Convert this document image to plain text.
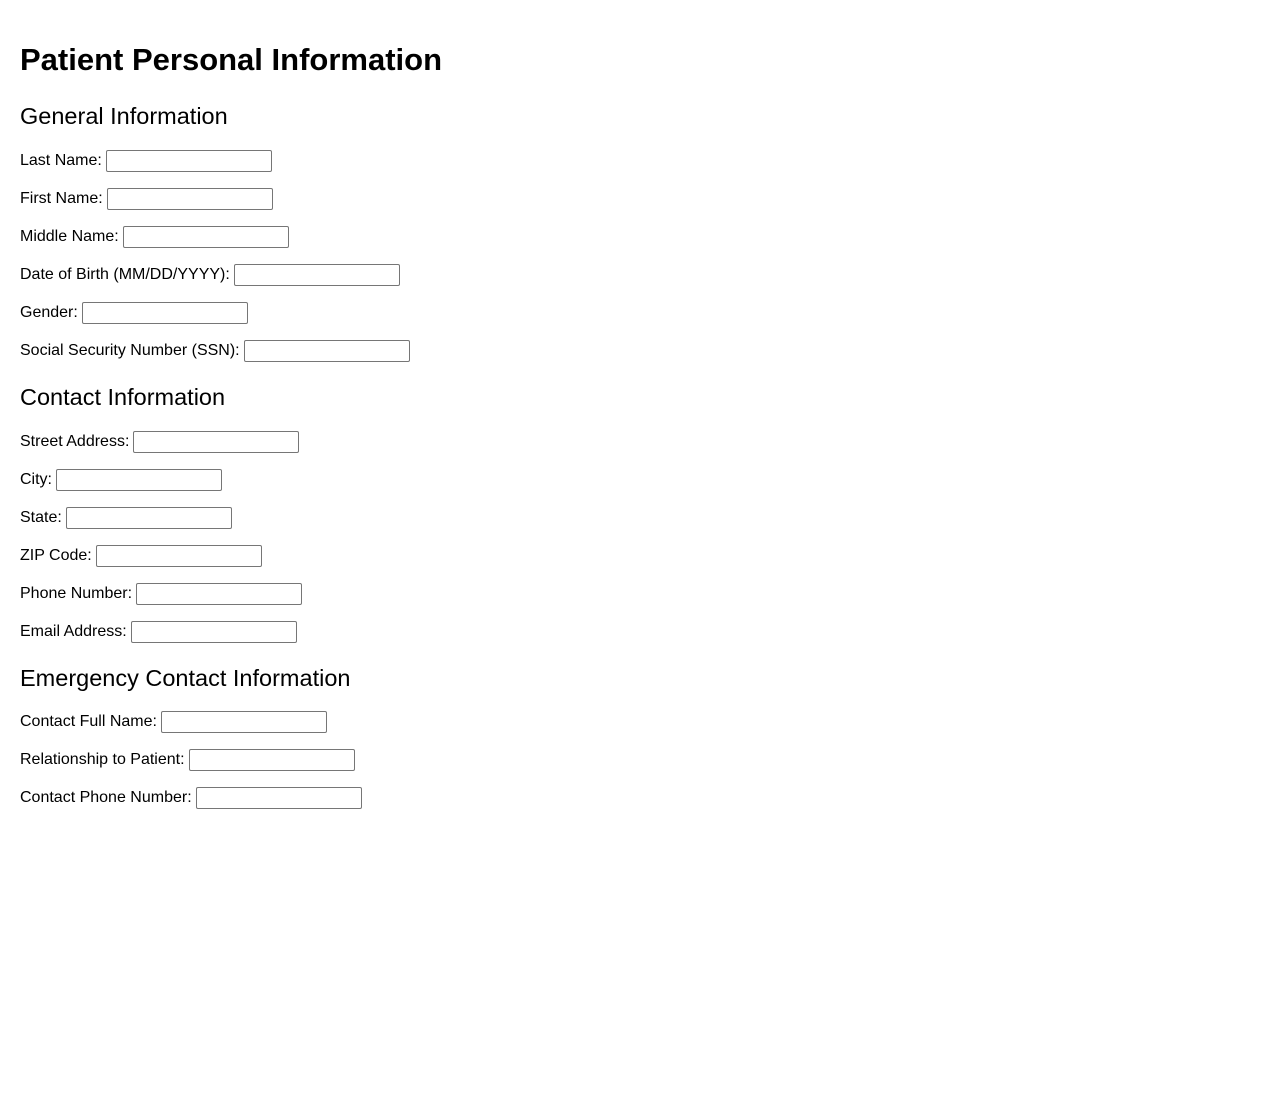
Patient Personal Information
General Information
Last Name:
First Name:
Middle Name:
Date of Birth (MM/DD/YYYY):
Gender:
Social Security Number (SSN):
Contact Information
Street Address:
City:
State:
ZIP Code:
Phone Number:
Email Address:
Emergency Contact Information
Contact Full Name:
Relationship to Patient:
Contact Phone Number:
